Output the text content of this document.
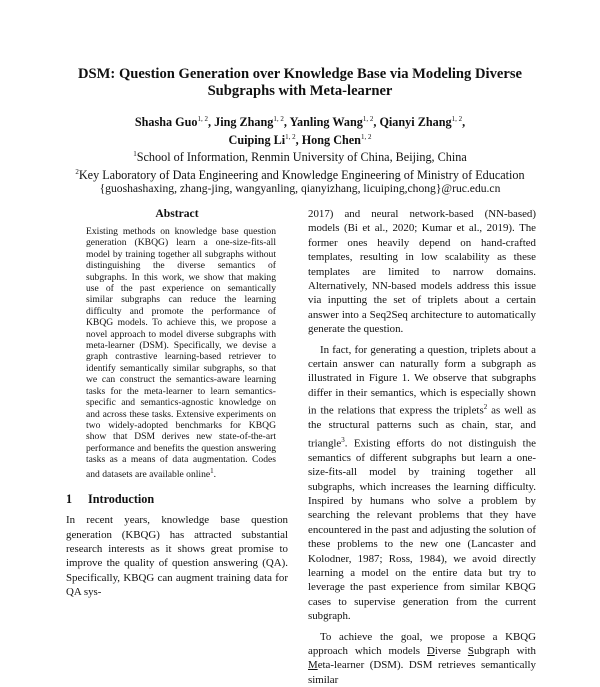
DSM: Question Generation over Knowledge Base via Modeling Diverse Subgraphs with Meta-learner
Shasha Guo$^{1, 2}$, Jing Zhang$^{1, 2}$, Yanling Wang$^{1, 2}$, Qianyi Zhang$^{1, 2}$,
Cuiping Li$^{1, 2}$, Hong Chen$^{1, 2}$
$^1$School of Information, Renmin University of China, Beijing, China
$^2$Key Laboratory of Data Engineering and Knowledge Engineering of Ministry of Education
{guoshashaxing, zhang-jing, wangyanling, qianyizhang, licuiping,chong}@ruc.edu.cn
Abstract

Existing methods on knowledge base question generation (KBQG) learn a one-size-fits-all model by training together all subgraphs without distinguishing the diverse semantics of subgraphs. In this work, we show that making use of the past experience on semantically similar subgraphs can reduce the learning difficulty and promote the performance of KBQG models. To achieve this, we propose a novel approach to model diverse subgraphs with meta-learner (DSM). Specifically, we devise a graph contrastive learning-based retriever to identify semantically similar subgraphs, so that we can construct the semantics-aware learning tasks for the meta-learner to learn semantics-specific and semantics-agnostic knowledge on and across these tasks. Extensive experiments on two widely-adopted benchmarks for KBQG show that DSM derives new state-of-the-art performance and benefits the question answering tasks as a means of data augmentation. Codes and datasets are available online$^1$.

1 Introduction

In recent years, knowledge base question generation (KBQG) has attracted substantial research interests as it shows great promise to improve the quality of question answering (QA). Specifically, KBQG can augment training data for QA sys-

2017) and neural network-based (NN-based) models (Bi et al., 2020; Kumar et al., 2019). The former ones heavily depend on hand-crafted templates, resulting in low scalability as these templates are limited to narrow domains. Alternatively, NN-based models address this issue via inputting the set of triplets about a certain answer into a Seq2Seq architecture to automatically generate the question.

In fact, for generating a question, triplets about a certain answer can naturally form a subgraph as illustrated in Figure 1. We observe that subgraphs differ in their semantics, which is especially shown in the relations that express the triplets$^2$ as well as the structural patterns such as chain, star, and triangle$^3$. Existing efforts do not distinguish the semantics of different subgraphs but learn a one-size-fits-all model by training together all subgraphs, which increases the learning difficulty. Inspired by humans who solve a problem by searching the relevant problems that they have encountered in the past and adjusting the solution of these problems to the new one (Lancaster and Kolodner, 1987; Ross, 1984), we avoid directly learning a model on the entire data but try to leverage the past experience from similar KBQG cases to supervise generation from the current subgraph.

To achieve the goal, we propose a KBQG approach which models Diverse Subgraph with Meta-learner (DSM). DSM retrieves semantically similar
